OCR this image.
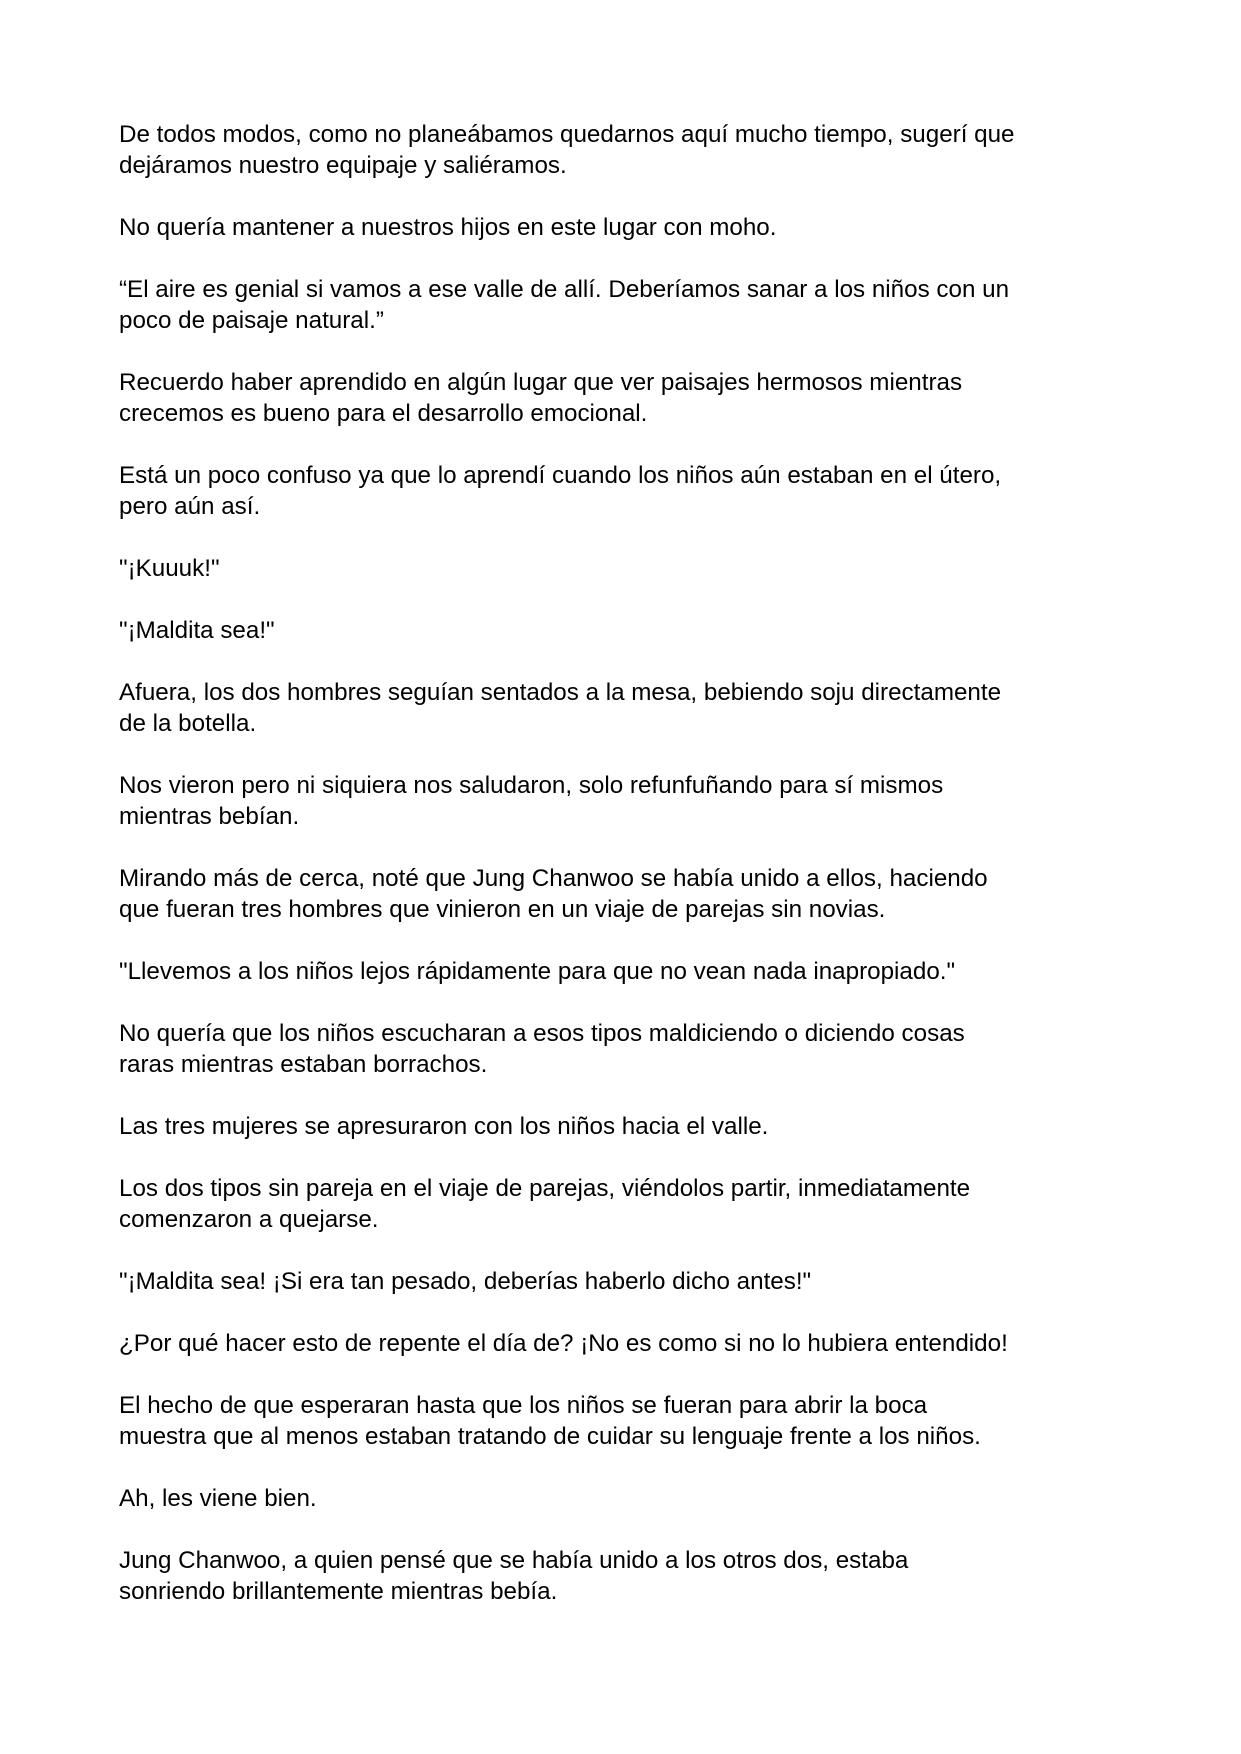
De todos modos, como no planeábamos quedarnos aquí mucho tiempo, sugerí que
dejáramos nuestro equipaje y saliéramos.

No quería mantener a nuestros hijos en este lugar con moho.

“El aire es genial si vamos a ese valle de allí. Deberíamos sanar a los niños con un
poco de paisaje natural.”

Recuerdo haber aprendido en algún lugar que ver paisajes hermosos mientras
crecemos es bueno para el desarrollo emocional.

Está un poco confuso ya que lo aprendí cuando los niños aún estaban en el útero,
pero aún así.

"¡Kuuuk!"

"¡Maldita sea!"

Afuera, los dos hombres seguían sentados a la mesa, bebiendo soju directamente
de la botella.

Nos vieron pero ni siquiera nos saludaron, solo refunfuñando para sí mismos
mientras bebían.

Mirando más de cerca, noté que Jung Chanwoo se había unido a ellos, haciendo
que fueran tres hombres que vinieron en un viaje de parejas sin novias.

"Llevemos a los niños lejos rápidamente para que no vean nada inapropiado."

No quería que los niños escucharan a esos tipos maldiciendo o diciendo cosas
raras mientras estaban borrachos.

Las tres mujeres se apresuraron con los niños hacia el valle.

Los dos tipos sin pareja en el viaje de parejas, viéndolos partir, inmediatamente
comenzaron a quejarse.

"¡Maldita sea! ¡Si era tan pesado, deberías haberlo dicho antes!"

¿Por qué hacer esto de repente el día de? ¡No es como si no lo hubiera entendido!

El hecho de que esperaran hasta que los niños se fueran para abrir la boca
muestra que al menos estaban tratando de cuidar su lenguaje frente a los niños.

Ah, les viene bien.

Jung Chanwoo, a quien pensé que se había unido a los otros dos, estaba
sonriendo brillantemente mientras bebía.
